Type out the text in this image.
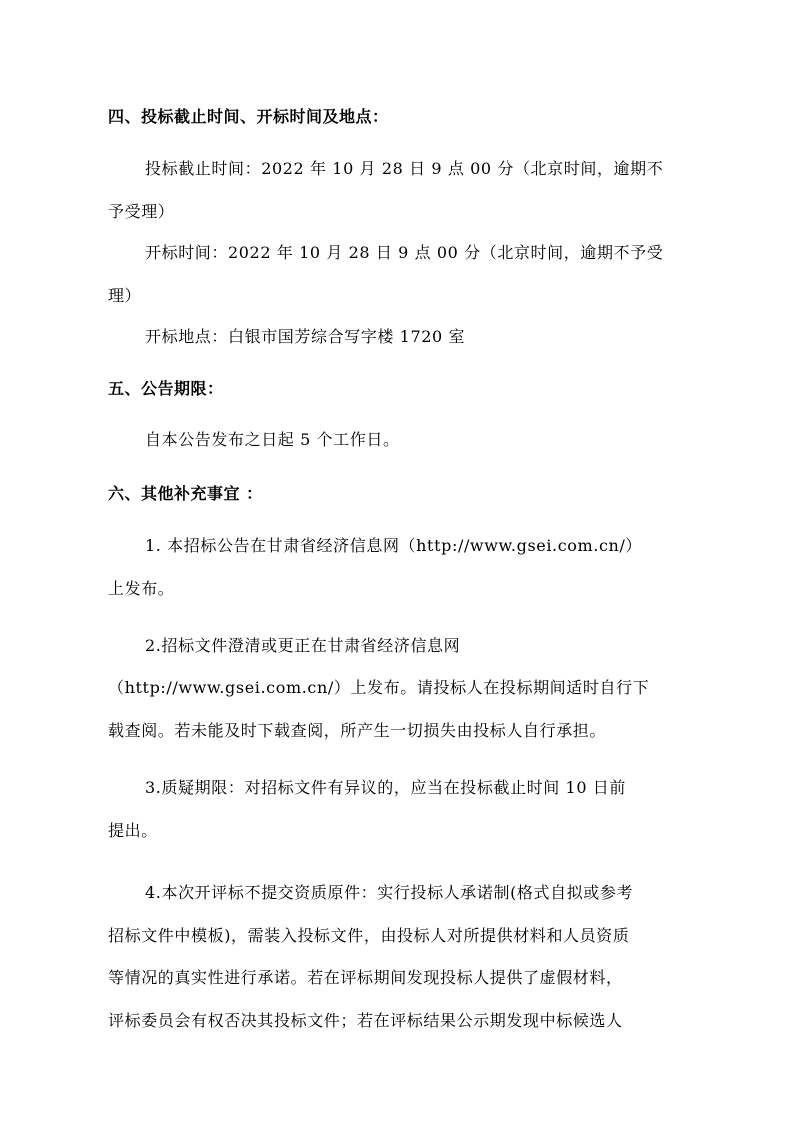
四、投标截止时间、开标时间及地点：
投标截止时间：2022 年 10 月 28 日 9 点 00 分（北京时间，逾期不
予受理）
开标时间：2022 年 10 月 28 日 9 点 00 分（北京时间，逾期不予受
理）
开标地点：白银市国芳综合写字楼 1720 室
五、公告期限：
自本公告发布之日起 5 个工作日。
六、其他补充事宜 ：
1. 本招标公告在甘肃省经济信息网（http://www.gsei.com.cn/）
上发布。
2.招标文件澄清或更正在甘肃省经济信息网
（http://www.gsei.com.cn/）上发布。请投标人在投标期间适时自行下
载查阅。若未能及时下载查阅，所产生一切损失由投标人自行承担。
3.质疑期限：对招标文件有异议的，应当在投标截止时间 10 日前
提出。
4.本次开评标不提交资质原件：实行投标人承诺制(格式自拟或参考
招标文件中模板)，需装入投标文件，由投标人对所提供材料和人员资质
等情况的真实性进行承诺。若在评标期间发现投标人提供了虚假材料，
评标委员会有权否决其投标文件；若在评标结果公示期发现中标候选人
